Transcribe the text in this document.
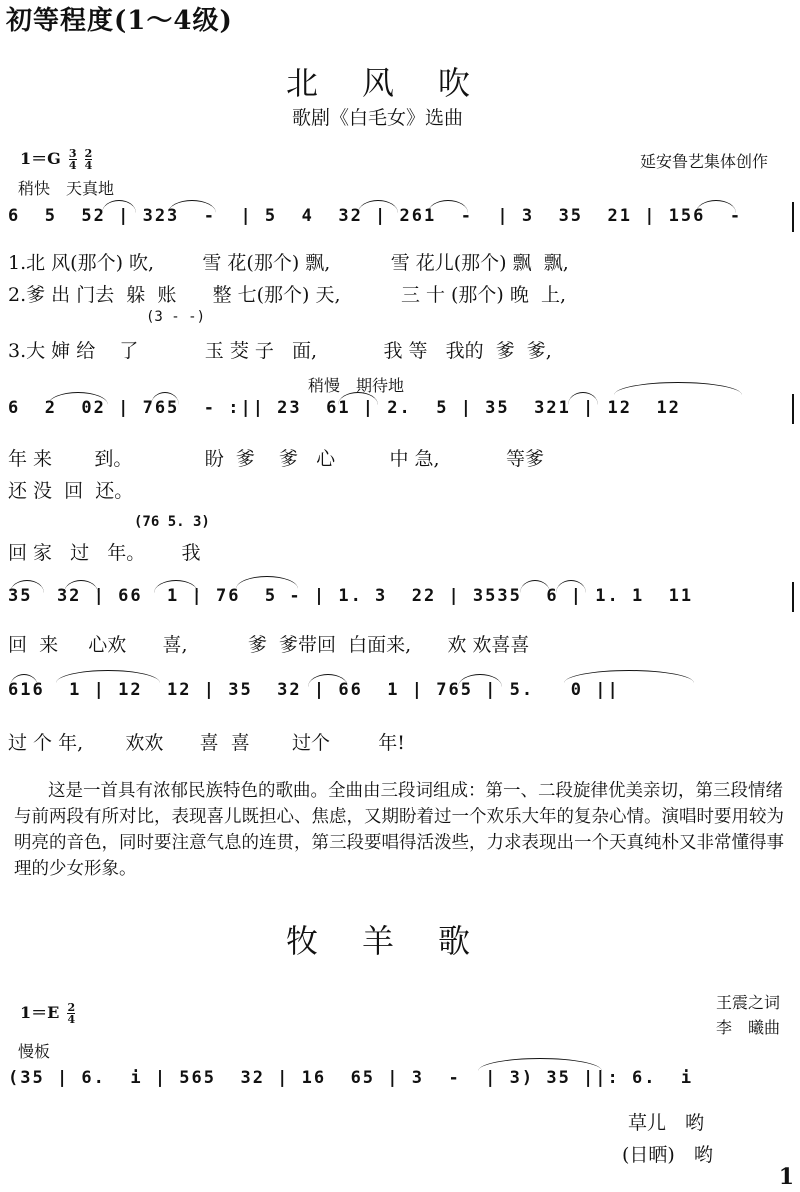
初等程度(1～4级)
北风吹
歌剧《白毛女》选曲
$1=G \frac{3}{4}$
$\frac{2}{4}$	延安鲁艺集体创作
稍快　天真地
6  5  52 | 323  -  | 5  4  32 | 261  -  | 3  35  21 | 156  -
1.北 风(那个) 吹,        雪 花(那个) 飘,          雪 花儿(那个) 飘  飘,
2.爹 出 门去  躲  账      整 七(那个) 天,          三 十 (那个) 晚  上,
(3 - -)
3.大 婶 给    了           玉 茭 子   面,           我 等   我的  爹  爹,
稍慢　期待地
6  2  02 | 765  - :|| 23  61 | 2.  5 | 35  321 | 12  12
年 来       到。            盼  爹    爹   心         中 急,           等爹
还 没  回  还。
(76 5. 3)
回 家   过   年。      我
35  32 | 66  1 | 76  5 - | 1. 3  22 | 3535  6 | 1. 1  11
回  来     心欢      喜,          爹  爹带回  白面来,      欢 欢喜喜
616  1 | 12  12 | 35  32 | 66  1 | 765 | 5.   0 ||
过 个 年,       欢欢      喜  喜       过个        年!
这是一首具有浓郁民族特色的歌曲。全曲由三段词组成：第一、二段旋律优美亲切，第三段情绪与前两段有所对比，表现喜儿既担心、焦虑，又期盼着过一个欢乐大年的复杂心情。演唱时要用较为明亮的音色，同时要注意气息的连贯，第三段要唱得活泼些，力求表现出一个天真纯朴又非常懂得事理的少女形象。
牧羊歌
$1=E \frac{2}{4}$	王震之词
李　曦曲
慢板
(35 | 6.  i | 565  32 | 16  65 | 3  -  | 3) 35 ||: 6.  i
草儿　哟
(日晒)　哟
1
